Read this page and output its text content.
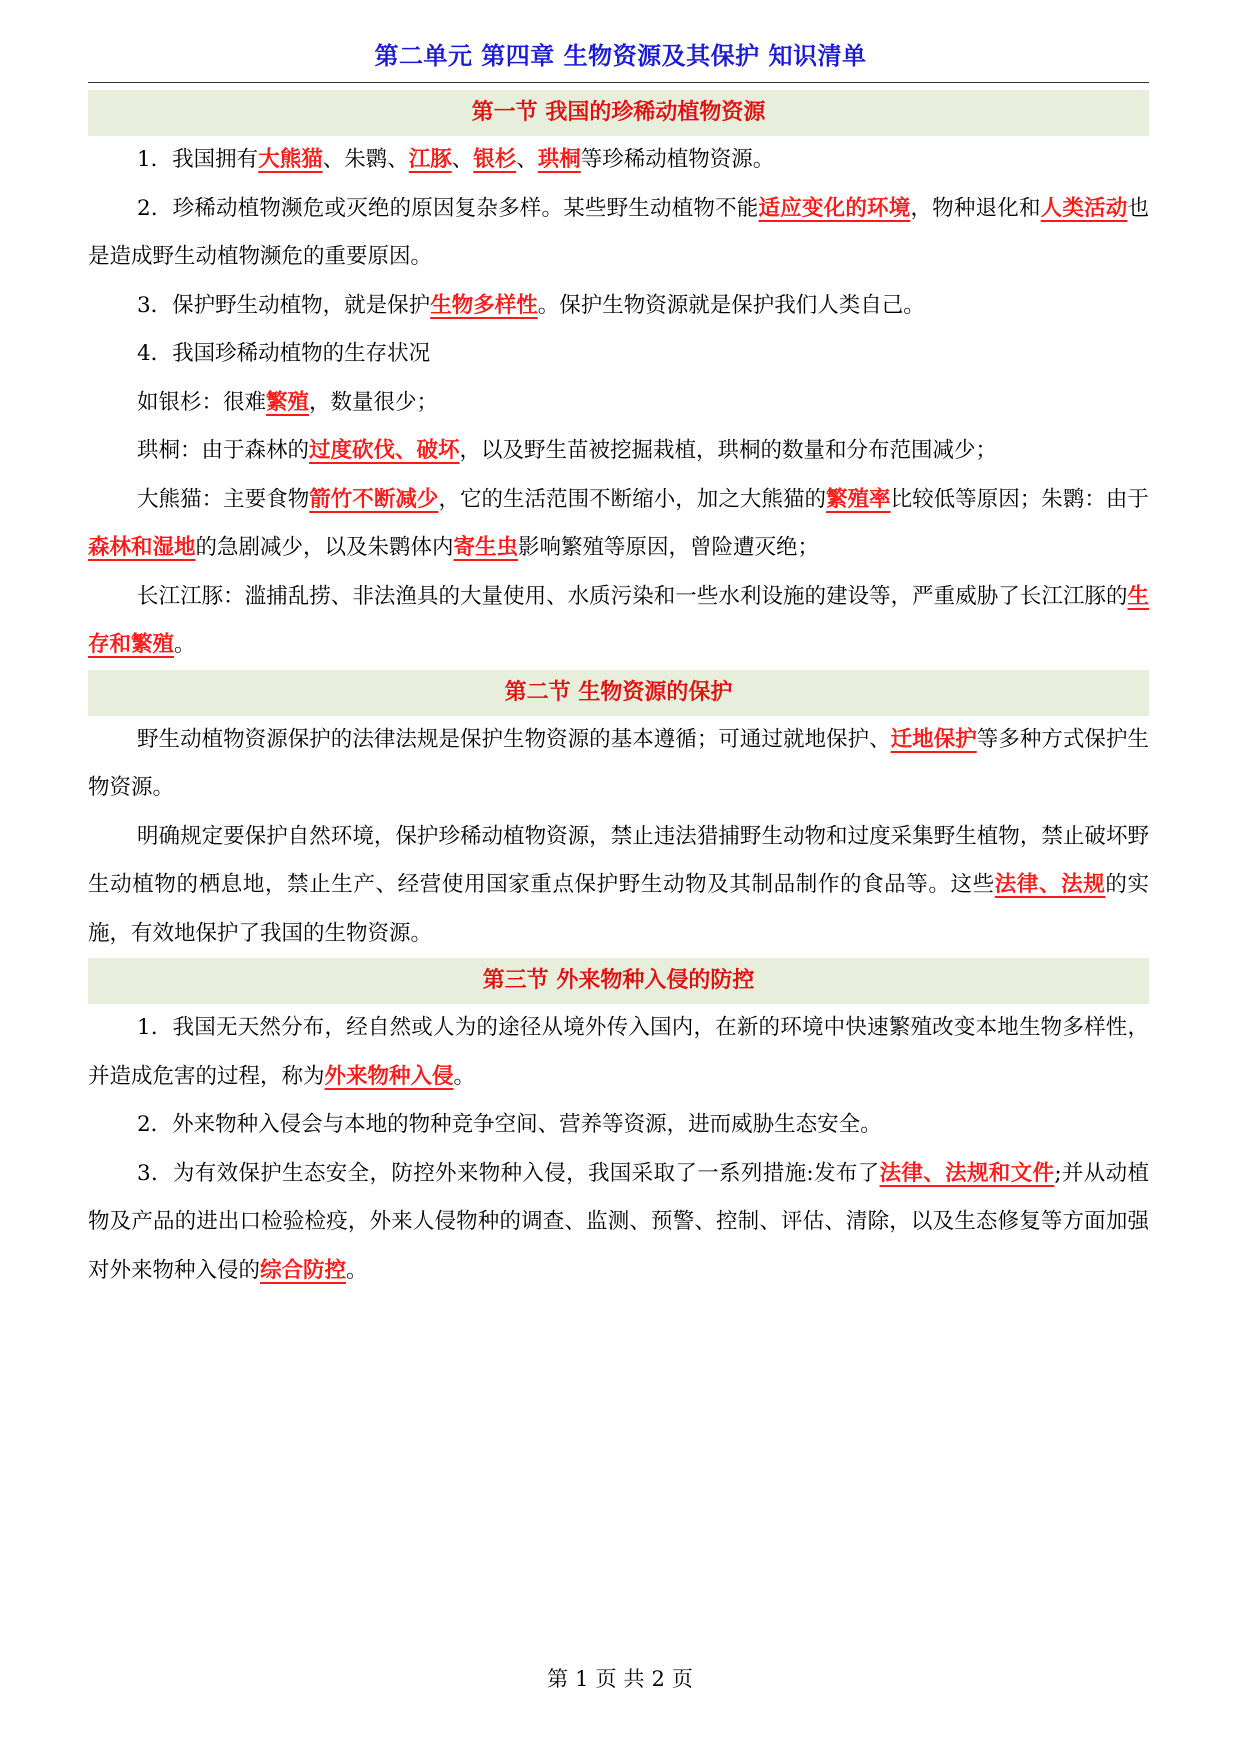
第二单元 第四章 生物资源及其保护 知识清单
第一节 我国的珍稀动植物资源

1．我国拥有大熊猫、朱鹮、江豚、银杉、珙桐等珍稀动植物资源。

2．珍稀动植物濒危或灭绝的原因复杂多样。某些野生动植物不能适应变化的环境，物种退化和人类活动也是造成野生动植物濒危的重要原因。

3．保护野生动植物，就是保护生物多样性。保护生物资源就是保护我们人类自己。

4．我国珍稀动植物的生存状况

如银杉：很难繁殖，数量很少；

珙桐：由于森林的过度砍伐、破坏，以及野生苗被挖掘栽植，珙桐的数量和分布范围减少；

大熊猫：主要食物箭竹不断减少，它的生活范围不断缩小，加之大熊猫的繁殖率比较低等原因；朱鹮：由于森林和湿地的急剧减少，以及朱鹮体内寄生虫影响繁殖等原因，曾险遭灭绝；

长江江豚：滥捕乱捞、非法渔具的大量使用、水质污染和一些水利设施的建设等，严重威胁了长江江豚的生存和繁殖。

第二节 生物资源的保护

野生动植物资源保护的法律法规是保护生物资源的基本遵循；可通过就地保护、迁地保护等多种方式保护生物资源。

明确规定要保护自然环境，保护珍稀动植物资源，禁止违法猎捕野生动物和过度采集野生植物，禁止破坏野生动植物的栖息地，禁止生产、经营使用国家重点保护野生动物及其制品制作的食品等。这些法律、法规的实施，有效地保护了我国的生物资源。

第三节 外来物种入侵的防控

1．我国无天然分布，经自然或人为的途径从境外传入国内，在新的环境中快速繁殖改变本地生物多样性，并造成危害的过程，称为外来物种入侵。

2．外来物种入侵会与本地的物种竞争空间、营养等资源，进而威胁生态安全。

3．为有效保护生态安全，防控外来物种入侵，我国采取了一系列措施:发布了法律、法规和文件;并从动植物及产品的进出口检验检疫，外来人侵物种的调查、监测、预警、控制、评估、清除，以及生态修复等方面加强对外来物种入侵的综合防控。

第 1 页 共 2 页
